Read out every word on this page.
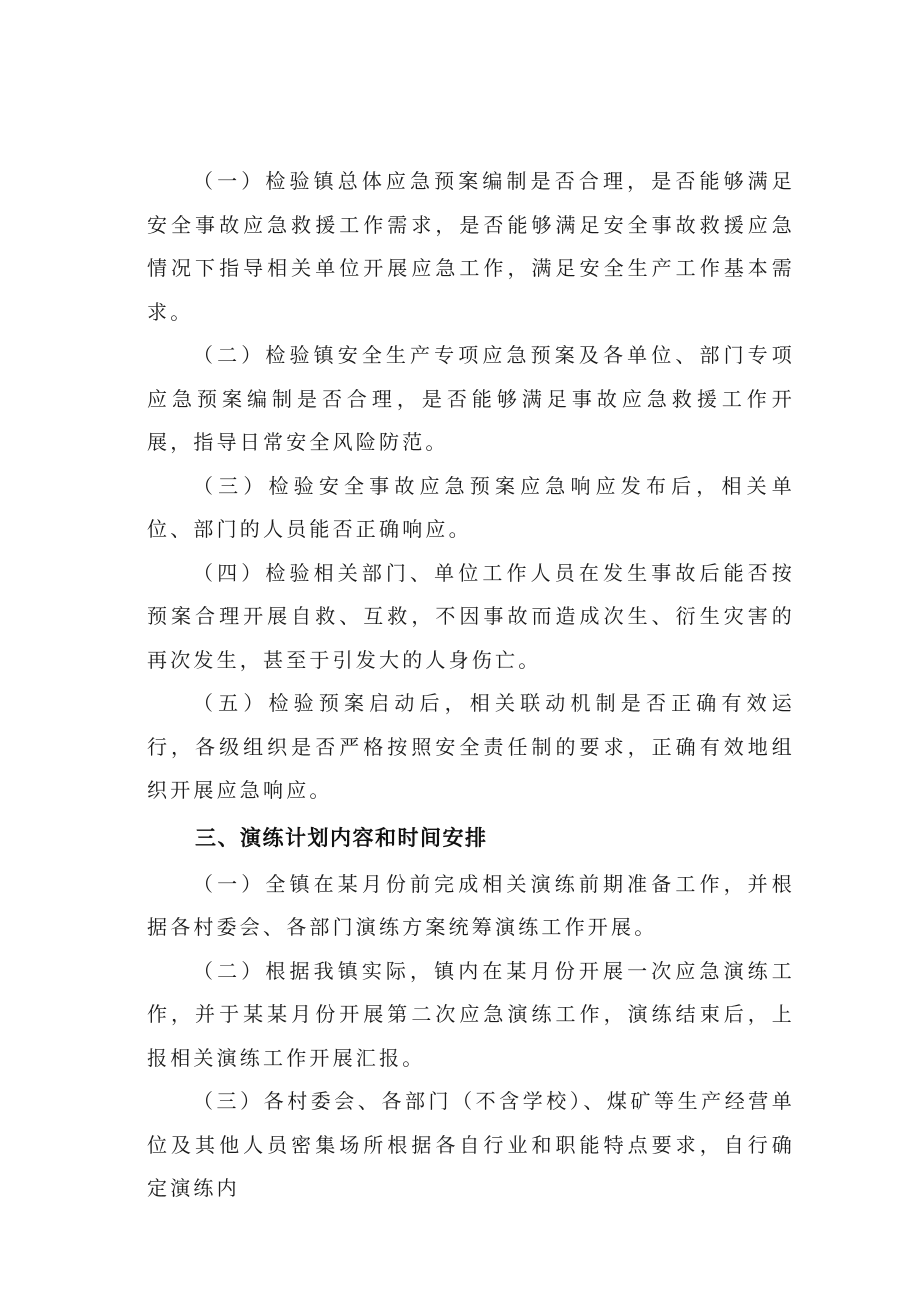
（一）检验镇总体应急预案编制是否合理，是否能够满足安全事故应急救援工作需求，是否能够满足安全事故救援应急情况下指导相关单位开展应急工作，满足安全生产工作基本需求。

（二）检验镇安全生产专项应急预案及各单位、部门专项应急预案编制是否合理，是否能够满足事故应急救援工作开展，指导日常安全风险防范。

（三）检验安全事故应急预案应急响应发布后，相关单位、部门的人员能否正确响应。

（四）检验相关部门、单位工作人员在发生事故后能否按预案合理开展自救、互救，不因事故而造成次生、衍生灾害的再次发生，甚至于引发大的人身伤亡。

（五）检验预案启动后，相关联动机制是否正确有效运行，各级组织是否严格按照安全责任制的要求，正确有效地组织开展应急响应。

三、演练计划内容和时间安排

（一）全镇在某月份前完成相关演练前期准备工作，并根据各村委会、各部门演练方案统筹演练工作开展。

（二）根据我镇实际，镇内在某月份开展一次应急演练工作，并于某某月份开展第二次应急演练工作，演练结束后，上报相关演练工作开展汇报。

（三）各村委会、各部门（不含学校）、煤矿等生产经营单位及其他人员密集场所根据各自行业和职能特点要求，自行确定演练内
